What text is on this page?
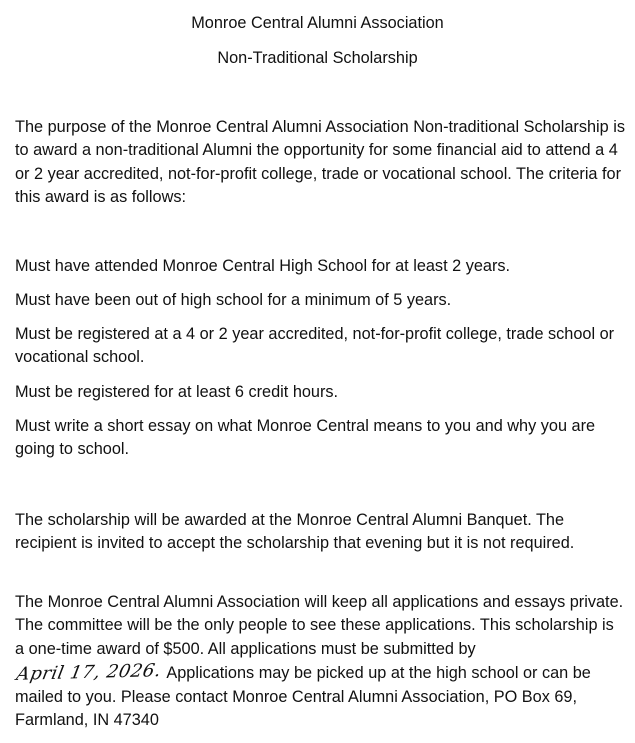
Monroe Central Alumni Association
Non-Traditional Scholarship

The purpose of the Monroe Central Alumni Association Non-traditional Scholarship is to award a non-traditional Alumni the opportunity for some financial aid to attend a 4 or 2 year accredited, not-for-profit college, trade or vocational school. The criteria for this award is as follows:

Must have attended Monroe Central High School for at least 2 years.

Must have been out of high school for a minimum of 5 years.

Must be registered at a 4 or 2 year accredited, not-for-profit college, trade school or vocational school.

Must be registered for at least 6 credit hours.

Must write a short essay on what Monroe Central means to you and why you are going to school.

The scholarship will be awarded at the Monroe Central Alumni Banquet. The recipient is invited to accept the scholarship that evening but it is not required.

The Monroe Central Alumni Association will keep all applications and essays private. The committee will be the only people to see these applications. This scholarship is a one-time award of $500. All applications must be submitted by April 17, 2026. Applications may be picked up at the high school or can be mailed to you. Please contact Monroe Central Alumni Association, PO Box 69, Farmland, IN 47340
